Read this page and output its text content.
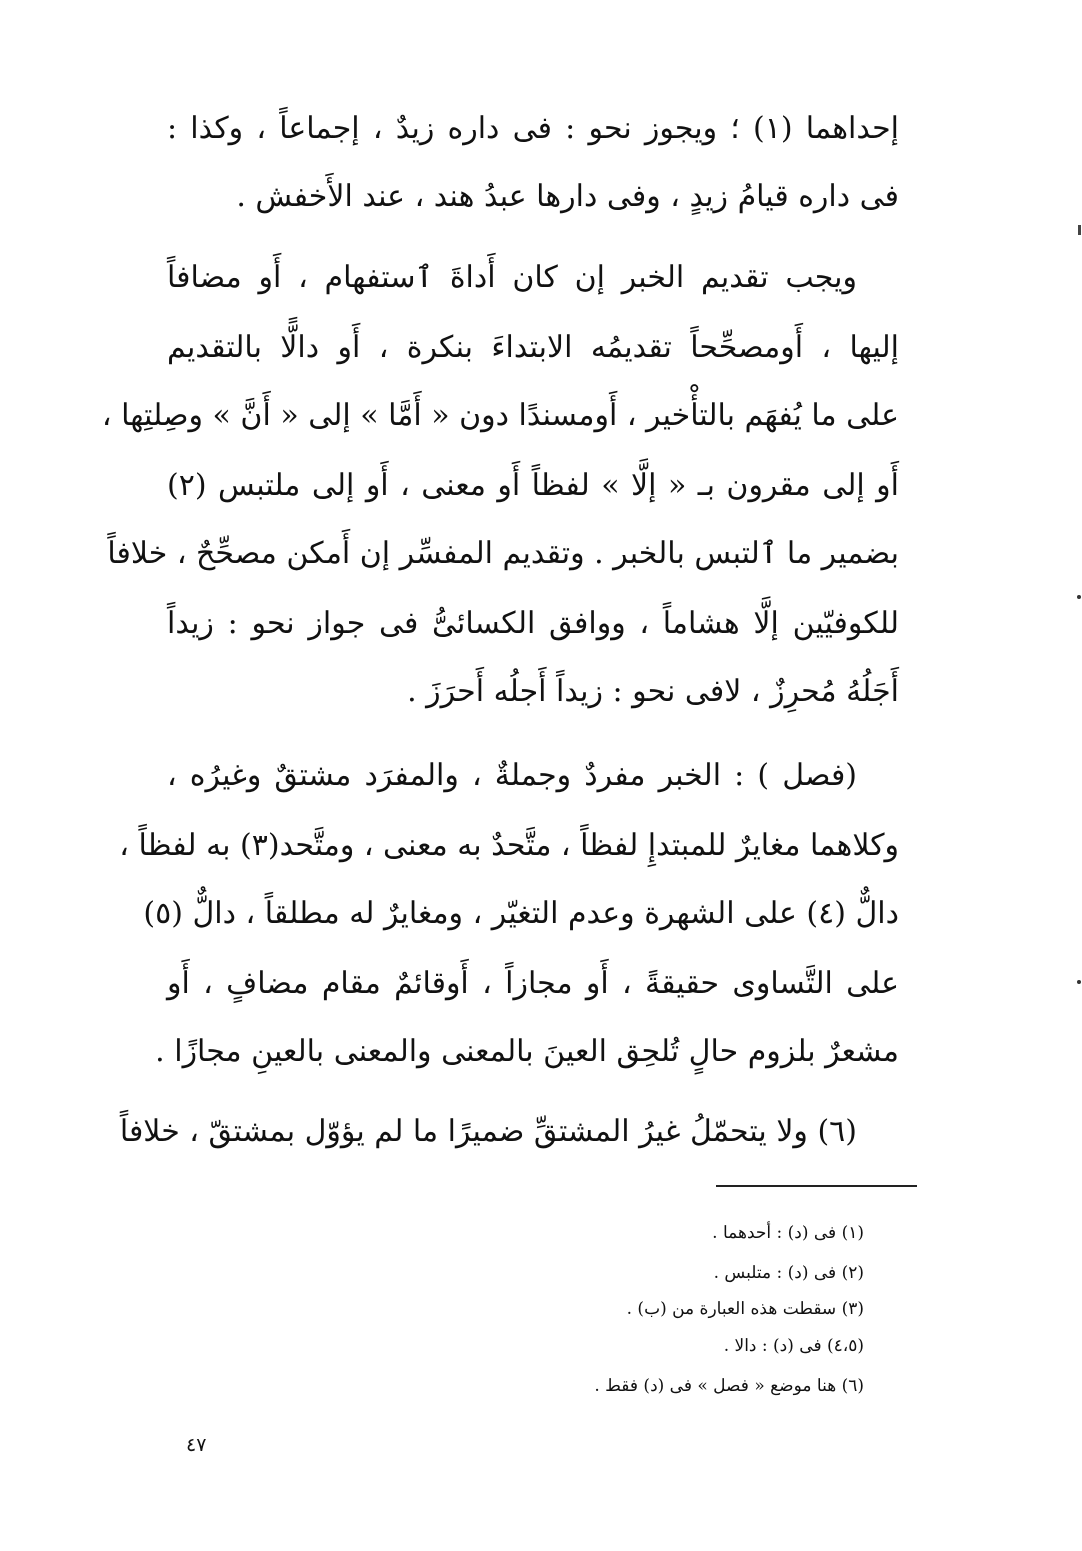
إحداهما (١) ؛ ويجوز نحو : فى داره زيدٌ ، إجماعاً ، وكذا :
فى داره قيامُ زيدٍ ، وفى دارها عبدُ هند ، عند الأَخفش .
ويجب تقديم الخبر إن كان أَداةَ ٱستفهام ، أَو مضافاً
إليها ، أَومصحِّحاً تقديمُه الابتداءَ بنكرة ، أَو دالًّا بالتقديم
على ما يُفهَم بالتأْخير ، أَومسندًا دون « أَمَّا » إلى « أَنَّ » وصِلتِها ،
أَو إلى مقرون بـ « إلَّا » لفظاً أَو معنى ، أَو إلى ملتبس (٢)
بضمير ما ٱلتبس بالخبر . وتقديم المفسِّر إن أَمكن مصحِّحٌ ، خلافاً
للكوفيّين إلَّا هشاماً ، ووافق الكسائىُّ فى جواز نحو : زيداً
أَجَلُهُ مُحرِزٌ ، لافى نحو : زيداً أَجلُه أَحرَزَ .
(فصل ) : الخبر مفردٌ وجملةٌ ، والمفرَد مشتقٌ وغيرُه ،
وكلاهما مغايرٌ للمبتدإِ لفظاً ، متَّحدٌ به معنى ، ومتَّحد(٣) به لفظاً ،
دالٌّ (٤) على الشهرة وعدم التغيّر ، ومغايرٌ له مطلقاً ، دالٌّ (٥)
على التَّساوى حقيقةً ، أَو مجازاً ، أَوقائمٌ مقام مضافٍ ، أَو
مشعرٌ بلزوم حالٍ تُلحِق العينَ بالمعنى والمعنى بالعينِ مجازًا .
(٦) ولا يتحمّلُ غيرُ المشتقِّ ضميرًا ما لم يؤوّل بمشتقّ ، خلافاً
(١) فى (د) : أحدهما .
(٢) فى (د) : متلبس .
(٣) سقطت هذه العبارة من (ب) .
(٤،٥) فى (د) : دالا .
(٦) هنا موضع « فصل » فى (د) فقط .
٤٧
